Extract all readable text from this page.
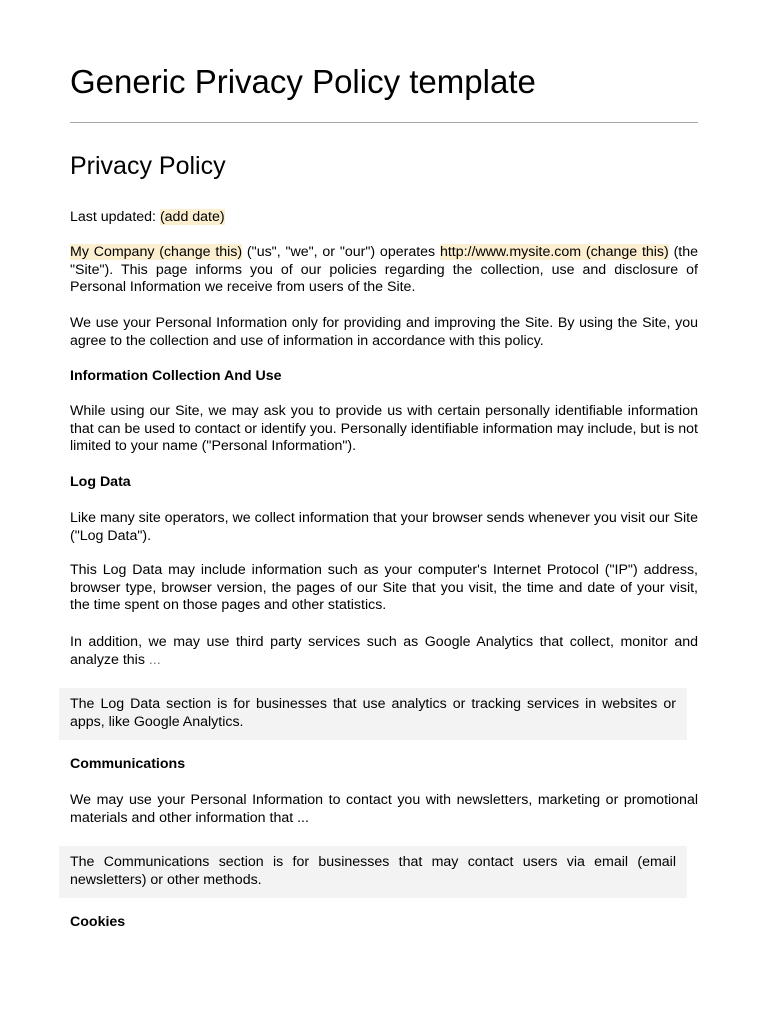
Generic Privacy Policy template
Privacy Policy

Last updated: (add date)

My Company (change this) ("us", "we", or "our") operates http://www.mysite.com (change this) (the "Site"). This page informs you of our policies regarding the collection, use and disclosure of Personal Information we receive from users of the Site.

We use your Personal Information only for providing and improving the Site. By using the Site, you agree to the collection and use of information in accordance with this policy.

Information Collection And Use

While using our Site, we may ask you to provide us with certain personally identifiable information that can be used to contact or identify you. Personally identifiable information may include, but is not limited to your name ("Personal Information").

Log Data

Like many site operators, we collect information that your browser sends whenever you visit our Site ("Log Data").

This Log Data may include information such as your computer's Internet Protocol ("IP") address, browser type, browser version, the pages of our Site that you visit, the time and date of your visit, the time spent on those pages and other statistics.

In addition, we may use third party services such as Google Analytics that collect, monitor and analyze this ...

The Log Data section is for businesses that use analytics or tracking services in websites or apps, like Google Analytics.

Communications

We may use your Personal Information to contact you with newsletters, marketing or promotional materials and other information that ...

The Communications section is for businesses that may contact users via email (email newsletters) or other methods.

Cookies
